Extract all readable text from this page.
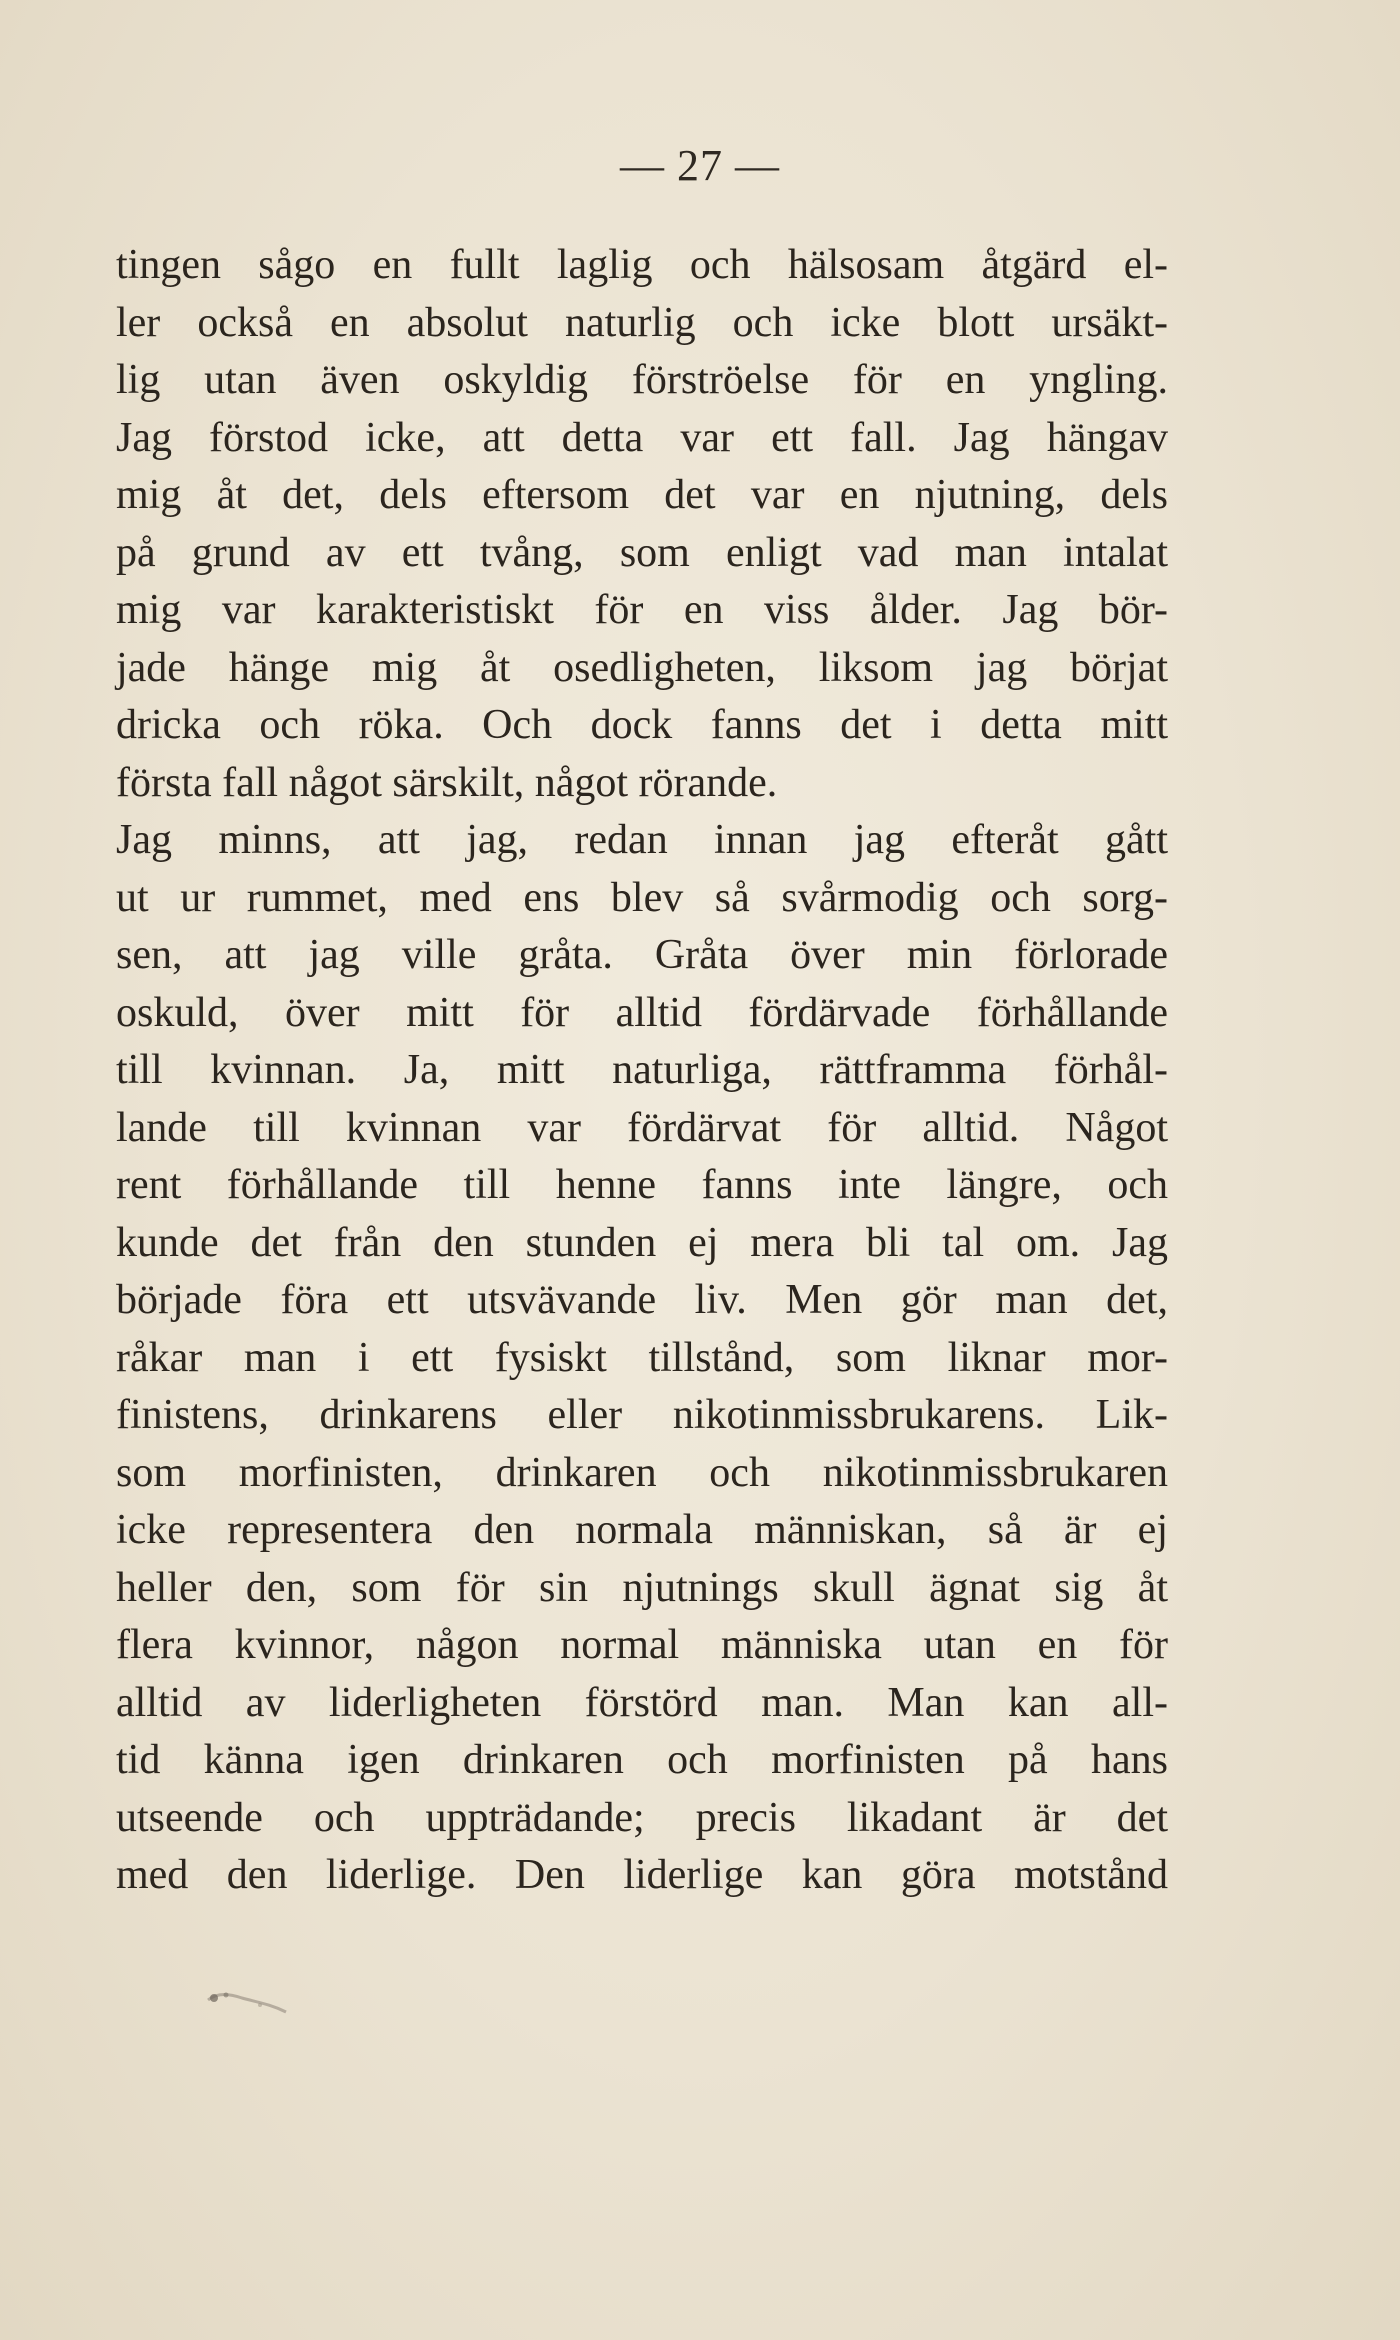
— 27 —
tingen sågo en fullt laglig och hälsosam åtgärd el-
ler också en absolut naturlig och icke blott ursäkt-
lig utan även oskyldig förströelse för en yngling.
Jag förstod icke, att detta var ett fall. Jag hängav
mig åt det, dels eftersom det var en njutning, dels
på grund av ett tvång, som enligt vad man intalat
mig var karakteristiskt för en viss ålder. Jag bör-
jade hänge mig åt osedligheten, liksom jag börjat
dricka och röka. Och dock fanns det i detta mitt
första fall något särskilt, något rörande.
Jag minns, att jag, redan innan jag efteråt gått
ut ur rummet, med ens blev så svårmodig och sorg-
sen, att jag ville gråta. Gråta över min förlorade
oskuld, över mitt för alltid fördärvade förhållande
till kvinnan. Ja, mitt naturliga, rättframma förhål-
lande till kvinnan var fördärvat för alltid. Något
rent förhållande till henne fanns inte längre, och
kunde det från den stunden ej mera bli tal om. Jag
började föra ett utsvävande liv. Men gör man det,
råkar man i ett fysiskt tillstånd, som liknar mor-
finistens, drinkarens eller nikotinmissbrukarens. Lik-
som morfinisten, drinkaren och nikotinmissbrukaren
icke representera den normala människan, så är ej
heller den, som för sin njutnings skull ägnat sig åt
flera kvinnor, någon normal människa utan en för
alltid av liderligheten förstörd man. Man kan all-
tid känna igen drinkaren och morfinisten på hans
utseende och uppträdande; precis likadant är det
med den liderlige. Den liderlige kan göra motstånd
